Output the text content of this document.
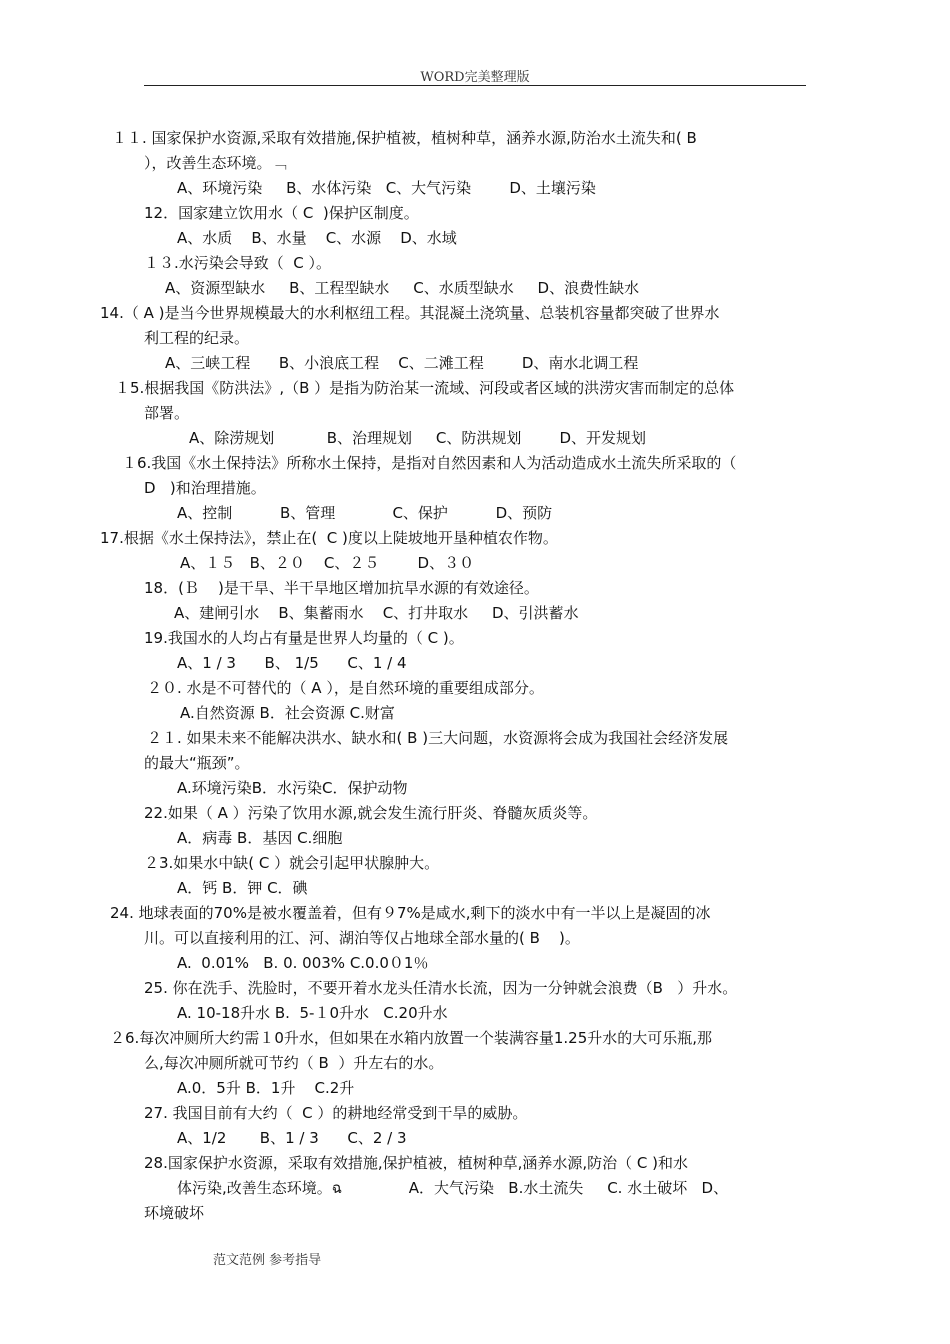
WORD完美整理版
１１. 国家保护水资源,采取有效措施,保护植被，植树种草，涵养水源,防治水土流失和( B
），改善生态环境。﹁
A、环境污染     B、水体污染   C、大气污染        D、土壤污染
12．国家建立饮用水（ C  )保护区制度。
A、水质    B、水量    C、水源    D、水域
１３.水污染会导致（  C ）。
A、资源型缺水     B、工程型缺水     C、水质型缺水     D、浪费性缺水
14.（ A )是当今世界规模最大的水利枢纽工程。其混凝土浇筑量、总装机容量都突破了世界水
利工程的纪录。
A、三峡工程      B、小浪底工程    C、二滩工程        D、南水北调工程
１5.根据我国《防洪法》,（B ）是指为防治某一流域、河段或者区域的洪涝灾害而制定的总体
部署。
A、除涝规划           B、治理规划     C、防洪规划        D、开发规划
１6.我国《水土保持法》所称水土保持，是指对自然因素和人为活动造成水土流失所采取的（
D   )和治理措施。
A、控制          B、管理            C、保护          D、预防
17.根据《水土保持法》，禁止在(  C )度以上陡坡地开垦种植农作物。
A、１５   B、２０    C、２５        D、３０
18．(Ｂ    )是干旱、半干旱地区增加抗旱水源的有效途径。
A、建闸引水    B、集蓄雨水    C、打井取水     D、引洪蓄水
19.我国水的人均占有量是世界人均量的（ C )。
A、1 / 3      B、 1/5      C、1 / 4
２０. 水是不可替代的（ A ），是自然环境的重要组成部分。
A.自然资源 B．社会资源 C.财富
２１. 如果未来不能解决洪水、缺水和( B )三大问题，水资源将会成为我国社会经济发展
的最大“瓶颈”。
A.环境污染B．水污染C．保护动物
22.如果（ A ）污染了饮用水源,就会发生流行肝炎、脊髓灰质炎等。
A．病毒 B．基因 C.细胞
２3.如果水中缺( C ）就会引起甲状腺肿大。
A．钙 B．钾 C．碘
24. 地球表面的70%是被水覆盖着，但有９7%是咸水,剩下的淡水中有一半以上是凝固的冰
川。可以直接利用的江、河、湖泊等仅占地球全部水量的( B    )。
A.  0.01%   B. 0. 003% C.0.0０1％
25. 你在洗手、洗脸时，不要开着水龙头任清水长流，因为一分钟就会浪费（B   ）升水。
A. 10-18升水 B.  5-１0升水   C.20升水
２6.每次冲厕所大约需１0升水，但如果在水箱内放置一个装满容量1.25升水的大可乐瓶,那
么,每次冲厕所就可节约（ B  ）升左右的水。
A.0．5升 B．1升    C.2升
27. 我国目前有大约（  C ）的耕地经常受到干旱的威胁。
A、1/2       B、1 / 3      C、2 / 3
28.国家保护水资源，采取有效措施,保护植被，植树种草,涵养水源,防治（ C )和水
体污染,改善生态环境。ฉ              A．大气污染   B.水土流失     C. 水土破坏   D、
环境破坏
范文范例 参考指导
